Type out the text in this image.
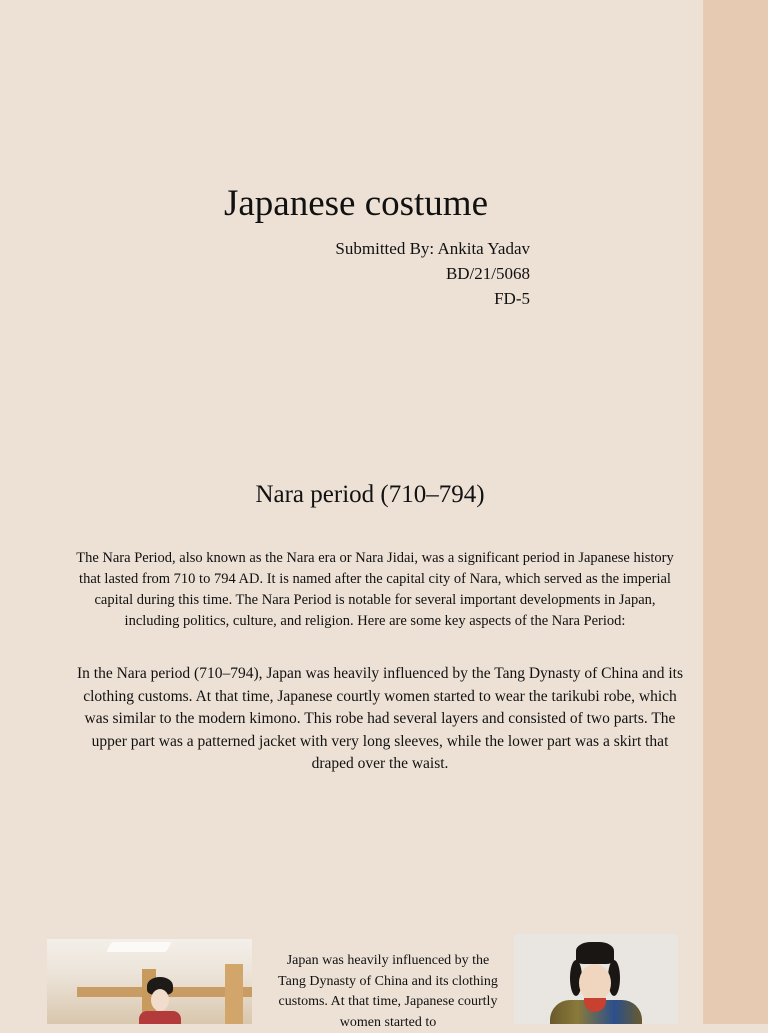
Japanese costume
Submitted By: Ankita Yadav
BD/21/5068
FD-5
Nara period (710–794)

The Nara Period, also known as the Nara era or Nara Jidai, was a significant period in Japanese history that lasted from 710 to 794 AD. It is named after the capital city of Nara, which served as the imperial capital during this time. The Nara Period is notable for several important developments in Japan, including politics, culture, and religion. Here are some key aspects of the Nara Period:

In the Nara period (710–794), Japan was heavily influenced by the Tang Dynasty of China and its clothing customs. At that time, Japanese courtly women started to wear the tarikubi robe, which was similar to the modern kimono. This robe had several layers and consisted of two parts. The upper part was a patterned jacket with very long sleeves, while the lower part was a skirt that draped over the waist.

Japan was heavily influenced by the Tang Dynasty of China and its clothing customs. At that time, Japanese courtly women started to
